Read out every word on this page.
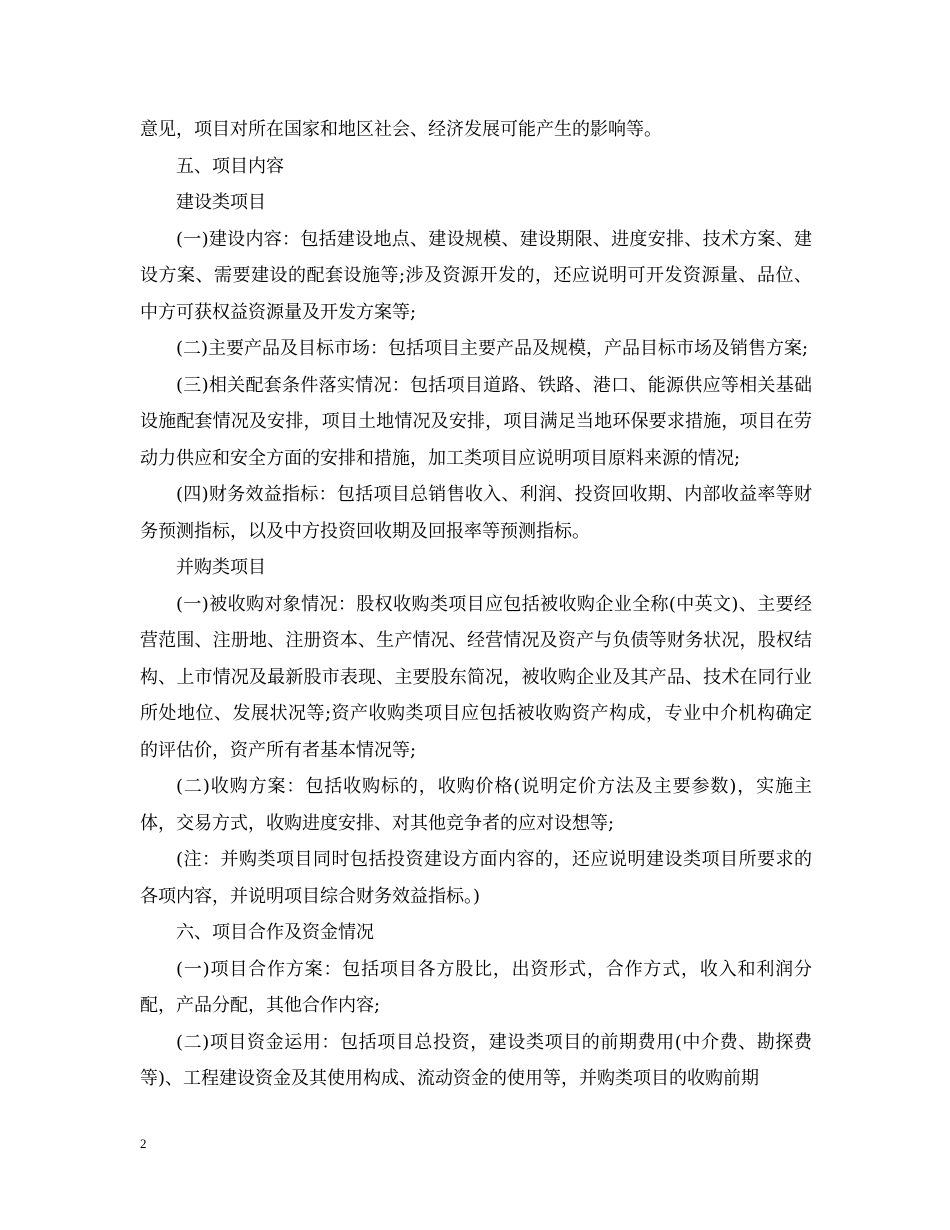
意见，项目对所在国家和地区社会、经济发展可能产生的影响等。

五、项目内容

建设类项目

(一)建设内容：包括建设地点、建设规模、建设期限、进度安排、技术方案、建设方案、需要建设的配套设施等;涉及资源开发的，还应说明可开发资源量、品位、中方可获权益资源量及开发方案等;

(二)主要产品及目标市场：包括项目主要产品及规模，产品目标市场及销售方案;

(三)相关配套条件落实情况：包括项目道路、铁路、港口、能源供应等相关基础设施配套情况及安排，项目土地情况及安排，项目满足当地环保要求措施，项目在劳动力供应和安全方面的安排和措施，加工类项目应说明项目原料来源的情况;

(四)财务效益指标：包括项目总销售收入、利润、投资回收期、内部收益率等财务预测指标，以及中方投资回收期及回报率等预测指标。

并购类项目

(一)被收购对象情况：股权收购类项目应包括被收购企业全称(中英文)、主要经营范围、注册地、注册资本、生产情况、经营情况及资产与负债等财务状况，股权结构、上市情况及最新股市表现、主要股东简况，被收购企业及其产品、技术在同行业所处地位、发展状况等;资产收购类项目应包括被收购资产构成，专业中介机构确定的评估价，资产所有者基本情况等;

(二)收购方案：包括收购标的，收购价格(说明定价方法及主要参数)，实施主体，交易方式，收购进度安排、对其他竞争者的应对设想等;

(注：并购类项目同时包括投资建设方面内容的，还应说明建设类项目所要求的各项内容，并说明项目综合财务效益指标。)

六、项目合作及资金情况

(一)项目合作方案：包括项目各方股比，出资形式，合作方式，收入和利润分配，产品分配，其他合作内容;

(二)项目资金运用：包括项目总投资，建设类项目的前期费用(中介费、勘探费等)、工程建设资金及其使用构成、流动资金的使用等，并购类项目的收购前期

2
